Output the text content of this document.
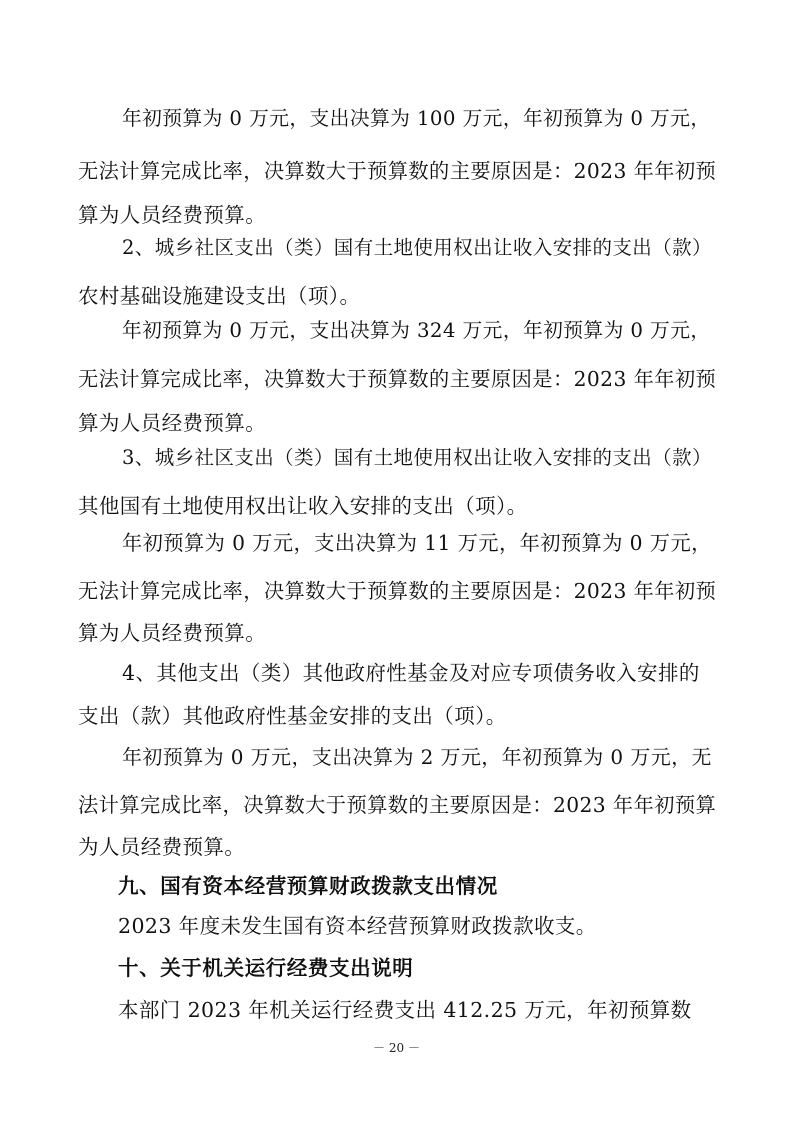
年初预算为 0 万元，支出决算为 100 万元，年初预算为 0 万元，
无法计算完成比率，决算数大于预算数的主要原因是：2023 年年初预
算为人员经费预算。
2、城乡社区支出（类）国有土地使用权出让收入安排的支出（款）
农村基础设施建设支出（项）。
年初预算为 0 万元，支出决算为 324 万元，年初预算为 0 万元，
无法计算完成比率，决算数大于预算数的主要原因是：2023 年年初预
算为人员经费预算。
3、城乡社区支出（类）国有土地使用权出让收入安排的支出（款）
其他国有土地使用权出让收入安排的支出（项）。
年初预算为 0 万元，支出决算为 11 万元，年初预算为 0 万元，
无法计算完成比率，决算数大于预算数的主要原因是：2023 年年初预
算为人员经费预算。
4、其他支出（类）其他政府性基金及对应专项债务收入安排的
支出（款）其他政府性基金安排的支出（项）。
年初预算为 0 万元，支出决算为 2 万元，年初预算为 0 万元，无
法计算完成比率，决算数大于预算数的主要原因是：2023 年年初预算
为人员经费预算。
九、国有资本经营预算财政拨款支出情况
2023 年度未发生国有资本经营预算财政拨款收支。
十、关于机关运行经费支出说明
本部门 2023 年机关运行经费支出 412.25 万元，年初预算数
－ 20 －
